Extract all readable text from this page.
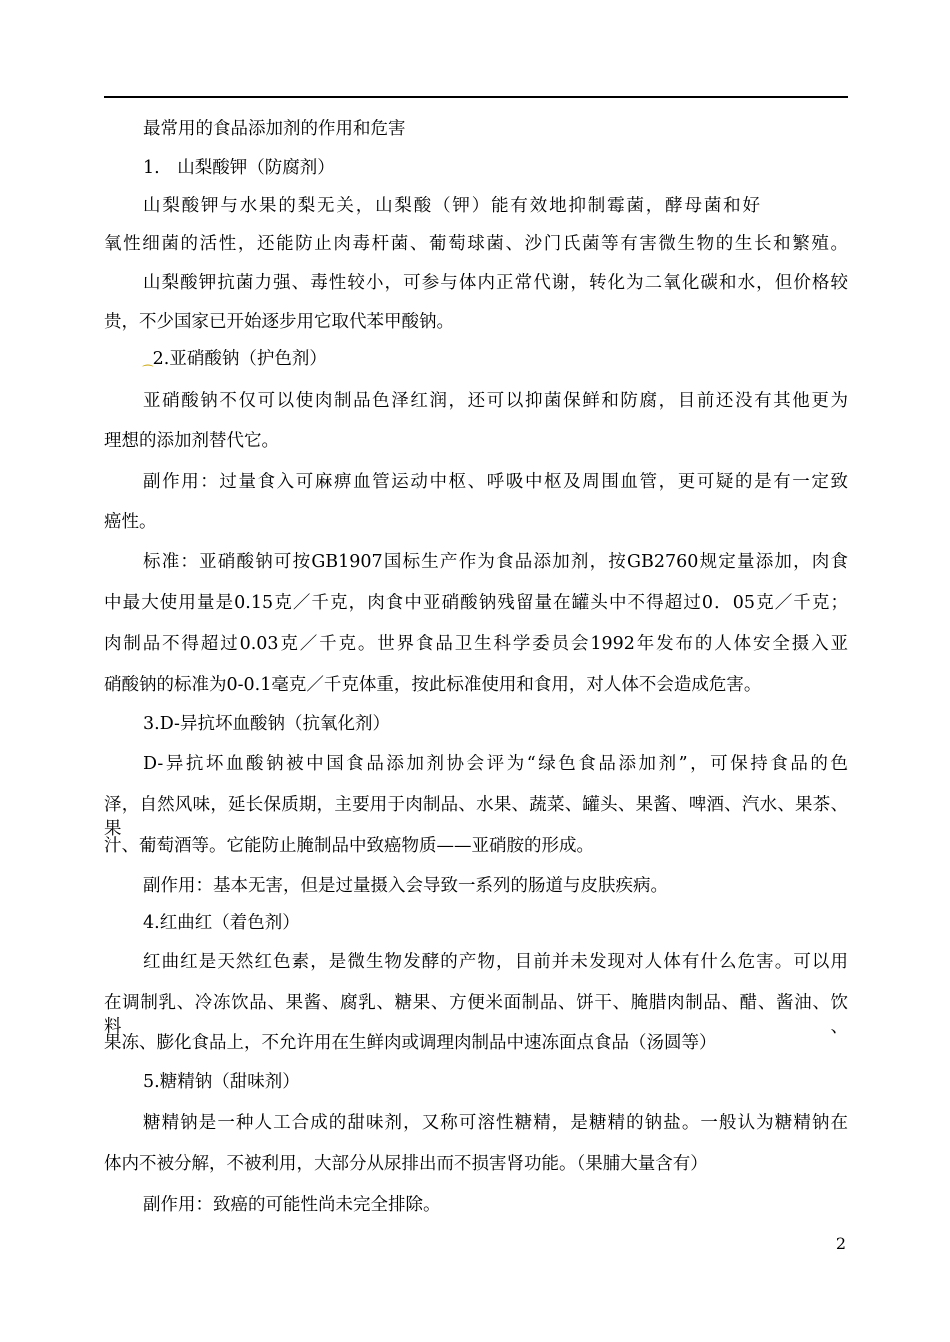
最常用的食品添加剂的作用和危害
1.　山梨酸钾（防腐剂）
山梨酸钾与水果的梨无关，山梨酸（钾）能有效地抑制霉菌，酵母菌和好
氧性细菌的活性，还能防止肉毒杆菌、葡萄球菌、沙门氏菌等有害微生物的生长和繁殖。
山梨酸钾抗菌力强、毒性较小，可参与体内正常代谢，转化为二氧化碳和水，但价格较
贵，不少国家已开始逐步用它取代苯甲酸钠。
⁔2.亚硝酸钠（护色剂）
亚硝酸钠不仅可以使肉制品色泽红润，还可以抑菌保鲜和防腐，目前还没有其他更为
理想的添加剂替代它。
副作用：过量食入可麻痹血管运动中枢、呼吸中枢及周围血管，更可疑的是有一定致
癌性。
标准：亚硝酸钠可按GB1907国标生产作为食品添加剂，按GB2760规定量添加，肉食
中最大使用量是0.15克／千克，肉食中亚硝酸钠残留量在罐头中不得超过0．05克／千克；
肉制品不得超过0.03克／千克。世界食品卫生科学委员会1992年发布的人体安全摄入亚
硝酸钠的标准为0-0.1毫克／千克体重，按此标准使用和食用，对人体不会造成危害。
3.D-异抗坏血酸钠（抗氧化剂）
D-异抗坏血酸钠被中国食品添加剂协会评为“绿色食品添加剂”，可保持食品的色
泽，自然风味，延长保质期，主要用于肉制品、水果、蔬菜、罐头、果酱、啤酒、汽水、果茶、果
汁、葡萄酒等。它能防止腌制品中致癌物质——亚硝胺的形成。
副作用：基本无害，但是过量摄入会导致一系列的肠道与皮肤疾病。
4.红曲红（着色剂）
红曲红是天然红色素，是微生物发酵的产物，目前并未发现对人体有什么危害。可以用
在调制乳、冷冻饮品、果酱、腐乳、糖果、方便米面制品、饼干、腌腊肉制品、醋、酱油、饮料、
果冻、膨化食品上，不允许用在生鲜肉或调理肉制品中速冻面点食品（汤圆等）
5.糖精钠（甜味剂）
糖精钠是一种人工合成的甜味剂，又称可溶性糖精，是糖精的钠盐。一般认为糖精钠在
体内不被分解，不被利用，大部分从尿排出而不损害肾功能。（果脯大量含有）
副作用：致癌的可能性尚未完全排除。
2
